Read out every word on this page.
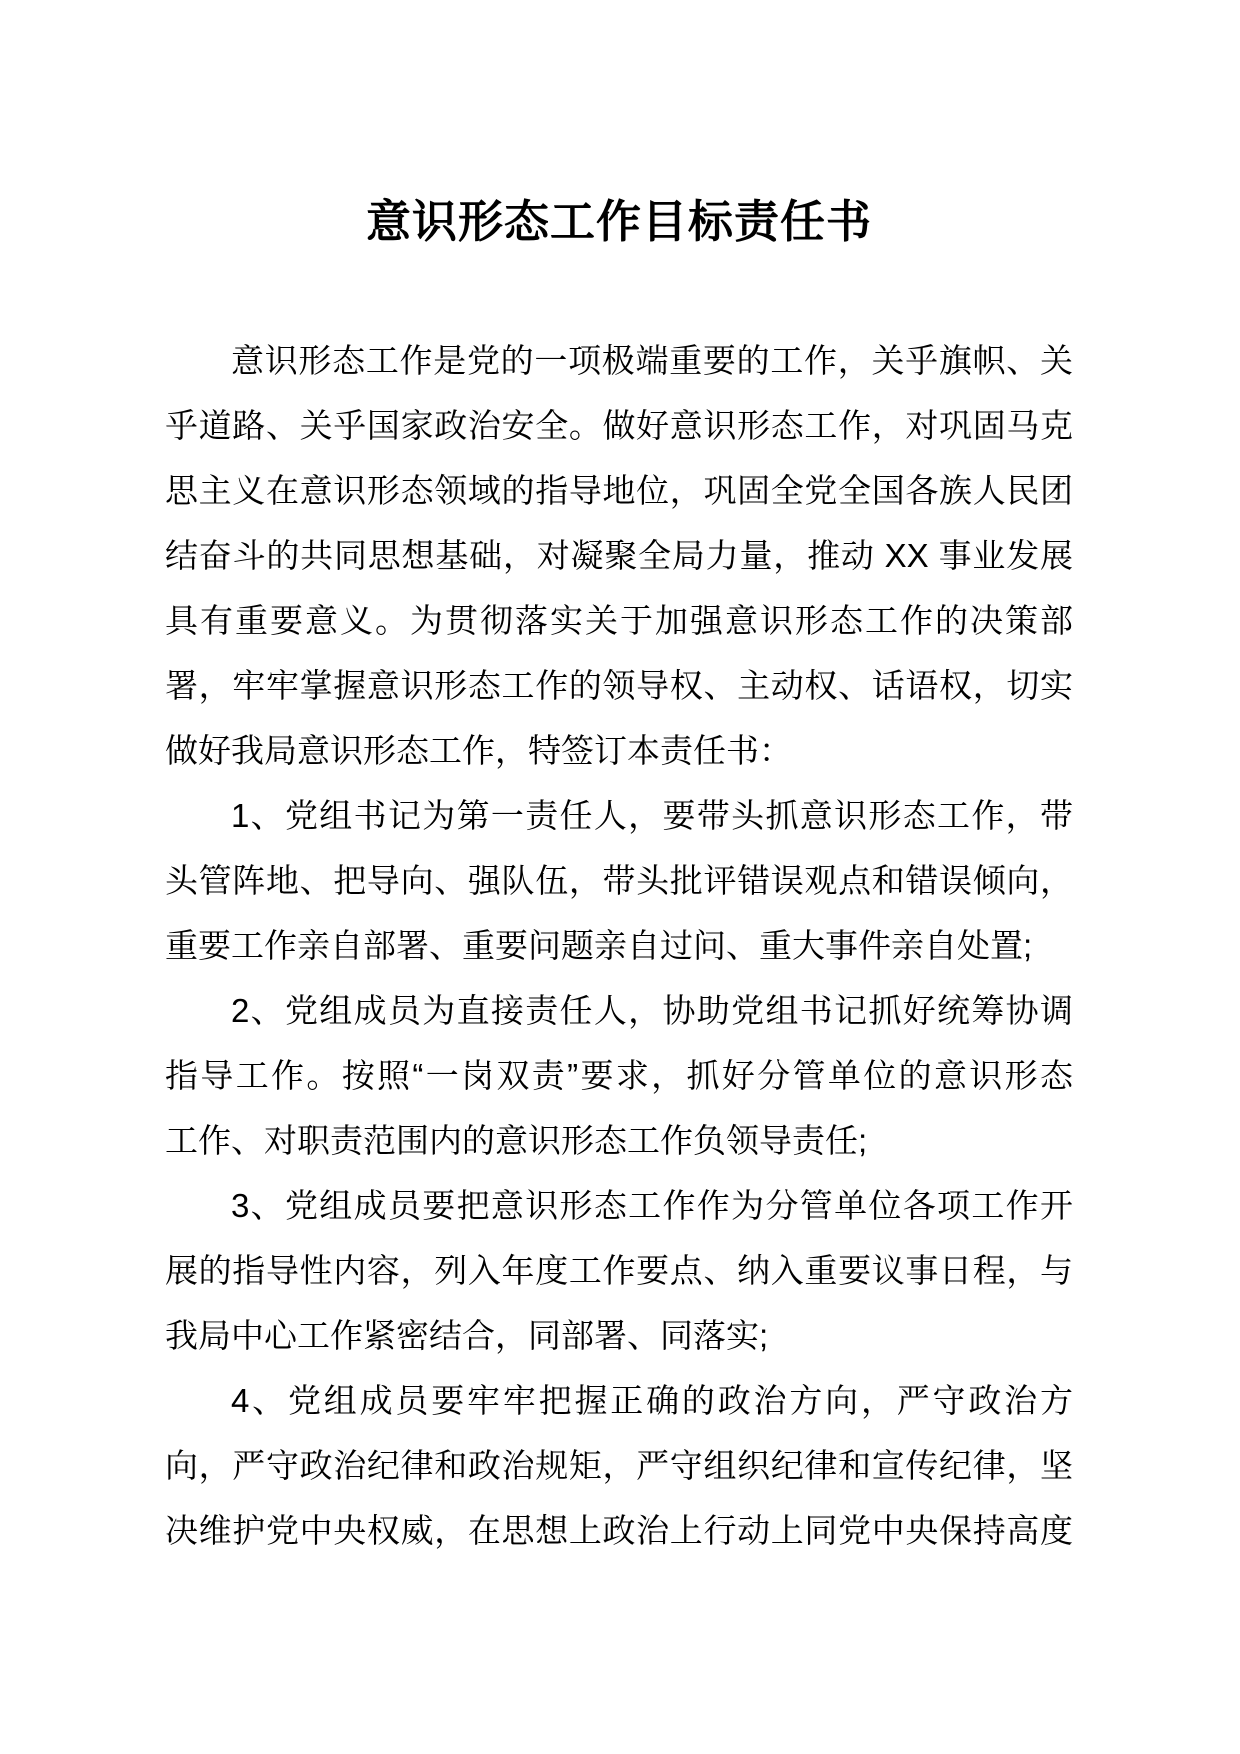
意识形态工作目标责任书
意识形态工作是党的一项极端重要的工作，关乎旗帜、关
乎道路、关乎国家政治安全。做好意识形态工作，对巩固马克
思主义在意识形态领域的指导地位，巩固全党全国各族人民团
结奋斗的共同思想基础，对凝聚全局力量，推动 XX 事业发展
具有重要意义。为贯彻落实关于加强意识形态工作的决策部
署，牢牢掌握意识形态工作的领导权、主动权、话语权，切实
做好我局意识形态工作，特签订本责任书：
1、党组书记为第一责任人，要带头抓意识形态工作，带
头管阵地、把导向、强队伍，带头批评错误观点和错误倾向，
重要工作亲自部署、重要问题亲自过问、重大事件亲自处置;
2、党组成员为直接责任人，协助党组书记抓好统筹协调
指导工作。按照“一岗双责”要求，抓好分管单位的意识形态
工作、对职责范围内的意识形态工作负领导责任;
3、党组成员要把意识形态工作作为分管单位各项工作开
展的指导性内容，列入年度工作要点、纳入重要议事日程，与
我局中心工作紧密结合，同部署、同落实;
4、党组成员要牢牢把握正确的政治方向，严守政治方
向，严守政治纪律和政治规矩，严守组织纪律和宣传纪律，坚
决维护党中央权威，在思想上政治上行动上同党中央保持高度
